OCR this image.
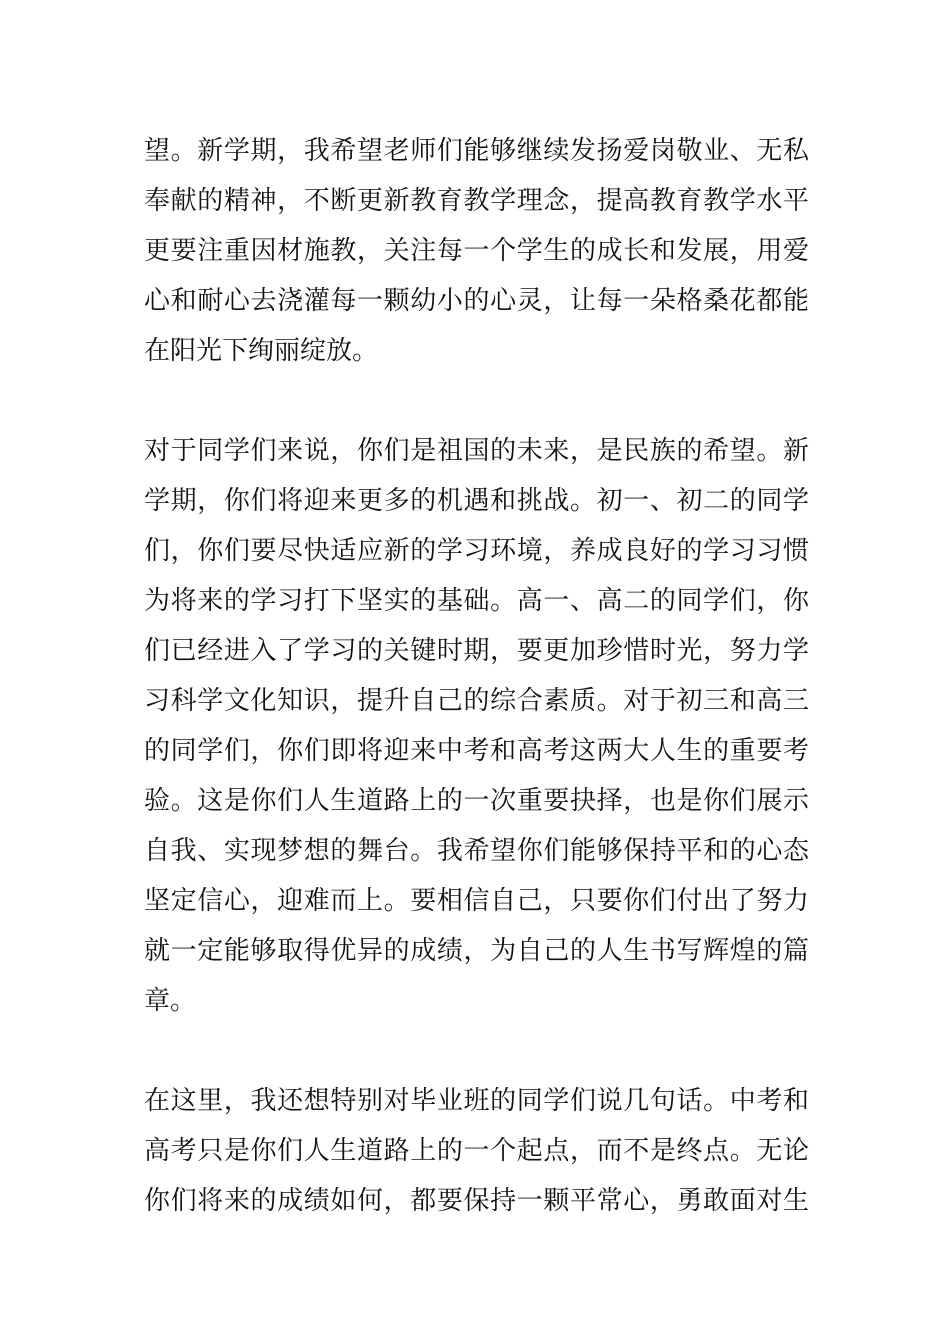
望。新学期，我希望老师们能够继续发扬爱岗敬业、无私
奉献的精神，不断更新教育教学理念，提高教育教学水平
更要注重因材施教，关注每一个学生的成长和发展，用爱
心和耐心去浇灌每一颗幼小的心灵，让每一朵格桑花都能
在阳光下绚丽绽放。
对于同学们来说，你们是祖国的未来，是民族的希望。新
学期，你们将迎来更多的机遇和挑战。初一、初二的同学
们，你们要尽快适应新的学习环境，养成良好的学习习惯
为将来的学习打下坚实的基础。高一、高二的同学们，你
们已经进入了学习的关键时期，要更加珍惜时光，努力学
习科学文化知识，提升自己的综合素质。对于初三和高三
的同学们，你们即将迎来中考和高考这两大人生的重要考
验。这是你们人生道路上的一次重要抉择，也是你们展示
自我、实现梦想的舞台。我希望你们能够保持平和的心态
坚定信心，迎难而上。要相信自己，只要你们付出了努力
就一定能够取得优异的成绩，为自己的人生书写辉煌的篇
章。
在这里，我还想特别对毕业班的同学们说几句话。中考和
高考只是你们人生道路上的一个起点，而不是终点。无论
你们将来的成绩如何，都要保持一颗平常心，勇敢面对生
